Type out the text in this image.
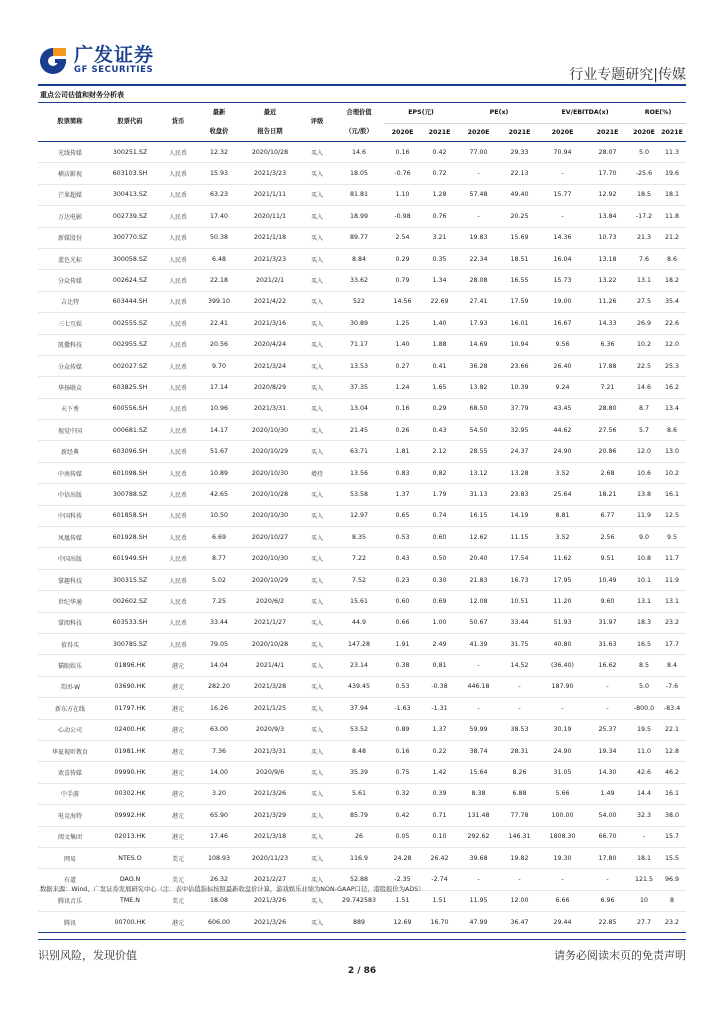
广发证券
GF SECURITIES	行业专题研究|传媒
重点公司估值和财务分析表
股票简称	股票代码	货币	最新	最近	评级	合理价值	EPS(元)		PE(x)		EV/EBITDA(x)		ROE(%)	
			收盘价	报告日期		（元/股）	2020E	2021E	2020E	2021E	2020E	2021E	2020E	2021E
光线传媒	300251.SZ	人民币	12.32	2020/10/28	买入	14.6	0.16	0.42	77.00	29.33	70.94	28.07	5.0	11.3
横店影视	603103.SH	人民币	15.93	2021/3/23	买入	18.05	-0.76	0.72	-	22.13	-	17.70	-25.6	19.6
芒果超媒	300413.SZ	人民币	63.23	2021/1/11	买入	81.81	1.10	1.28	57.48	49.40	15.77	12.92	18.5	18.1
万达电影	002739.SZ	人民币	17.40	2020/11/1	买入	18.99	-0.98	0.76	-	20.25	-	13.84	-17.2	11.8
新媒股份	300770.SZ	人民币	50.38	2021/1/18	买入	89.77	2.54	3.21	19.83	15.69	14.36	10.73	21.3	21.2
蓝色光标	300058.SZ	人民币	6.48	2021/3/23	买入	8.84	0.29	0.35	22.34	18.51	16.04	13.18	7.6	8.6
分众传媒	002624.SZ	人民币	22.18	2021/2/1	买入	33.62	0.79	1.34	28.08	16.55	15.73	13.22	13.1	18.2
吉比特	603444.SH	人民币	399.10	2021/4/22	买入	522	14.56	22.69	27.41	17.59	19.00	11.26	27.5	35.4
三七互娱	002555.SZ	人民币	22.41	2021/3/16	买入	30.89	1.25	1.40	17.93	16.01	16.67	14.33	26.9	22.6
凯撒科技	002955.SZ	人民币	20.56	2020/4/24	买入	71.17	1.40	1.88	14.69	10.94	9.56	6.36	10.2	12.0
分众传媒	002027.SZ	人民币	9.70	2021/3/24	买入	13.53	0.27	0.41	36.28	23.66	26.40	17.88	22.5	25.3
华扬联众	603825.SH	人民币	17.14	2020/8/29	买入	37.35	1.24	1.65	13.82	10.39	9.24	7.21	14.6	16.2
天下秀	600556.SH	人民币	10.96	2021/3/31	买入	13.04	0.16	0.29	68.50	37.79	43.45	28.80	8.7	13.4
视觉中国	000681.SZ	人民币	14.17	2020/10/30	买入	21.45	0.26	0.43	54.50	32.95	44.62	27.56	5.7	8.6
新经典	603096.SH	人民币	51.67	2020/10/29	买入	63.71	1.81	2.12	28.55	24.37	24.90	20.86	12.0	13.0
中南传媒	601098.SH	人民币	10.89	2020/10/30	增持	13.56	0.83	0.82	13.12	13.28	3.52	2.68	10.6	10.2
中信出版	300788.SZ	人民币	42.65	2020/10/28	买入	53.58	1.37	1.79	31.13	23.83	25.64	18.21	13.8	16.1
中国科传	601858.SH	人民币	10.50	2020/10/30	买入	12.97	0.65	0.74	16.15	14.19	8.81	6.77	11.9	12.5
凤凰传媒	601928.SH	人民币	6.69	2020/10/27	买入	8.35	0.53	0.60	12.62	11.15	3.52	2.56	9.0	9.5
中国出版	601949.SH	人民币	8.77	2020/10/30	买入	7.22	0.43	0.50	20.40	17.54	11.62	9.51	10.8	11.7
掌趣科技	300315.SZ	人民币	5.02	2020/10/29	买入	7.52	0.23	0.30	21.83	16.73	17.95	10.49	10.1	11.9
世纪华通	002602.SZ	人民币	7.25	2020/6/2	买入	15.61	0.60	0.69	12.08	10.51	11.20	9.60	13.1	13.1
掌阅科技	603533.SH	人民币	33.44	2021/1/27	买入	44.9	0.66	1.00	50.67	33.44	51.93	31.97	18.3	23.2
值得买	300785.SZ	人民币	79.05	2020/10/28	买入	147.28	1.91	2.49	41.39	31.75	40.80	31.63	16.5	17.7
猫眼娱乐	01896.HK	港元	14.04	2021/4/1	买入	23.14	0.38	0.81	-	14.52	(36.40)	16.62	8.5	8.4
美团-W	03690.HK	港元	282.20	2021/3/28	买入	439.45	0.53	-0.38	446.18	-	187.90	-	5.0	-7.6
新东方在线	01797.HK	港元	16.26	2021/1/25	买入	37.94	-1.63	-1.31	-	-	-	-	-800.0	-83.4
心动公司	02400.HK	港元	63.00	2020/9/3	买入	53.52	0.89	1.37	59.99	38.53	30.19	25.37	19.5	22.1
华夏视听教育	01981.HK	港元	7.36	2021/3/31	买入	8.48	0.16	0.22	38.74	28.31	24.90	19.34	11.0	12.8
欢喜传媒	09990.HK	港元	14.00	2020/9/6	买入	35.39	0.75	1.42	15.64	8.26	31.05	14.30	42.6	46.2
中手游	00302.HK	港元	3.20	2021/3/26	买入	5.61	0.32	0.39	8.38	6.88	5.66	1.49	14.4	16.1
电竞海特	09992.HK	港元	65.90	2021/3/29	买入	85.79	0.42	0.71	131.48	77.78	100.00	54.00	32.3	38.0
阅文集团	02013.HK	港元	17.46	2021/3/18	买入	26	0.05	0.10	292.62	146.31	1808.30	66.70	-	15.7
网易	NTES.O	美元	108.93	2020/11/23	买入	116.9	24.28	26.42	39.68	19.82	19.30	17.80	18.1	15.5
有道	DAO.N	美元	26.32	2021/2/27	买入	52.88	-2.35	-2.74	-	-	-	-	121.5	96.9
腾讯音乐	TME.N	美元	18.08	2021/3/26	买入	29.742583	1.51	1.51	11.95	12.00	6.66	6.96	10	8
腾讯	00700.HK	港元	606.00	2021/3/26	买入	889	12.69	16.70	47.99	36.47	29.44	22.85	27.7	23.2
数据来源：Wind、广发证券发展研究中心（注：表中估值指标按照最新收盘价计算，游戏娱乐业绩为NON-GAAP口径，港股报价为ADS）
识别风险，发现价值	请务必阅读末页的免责声明
2 / 86
